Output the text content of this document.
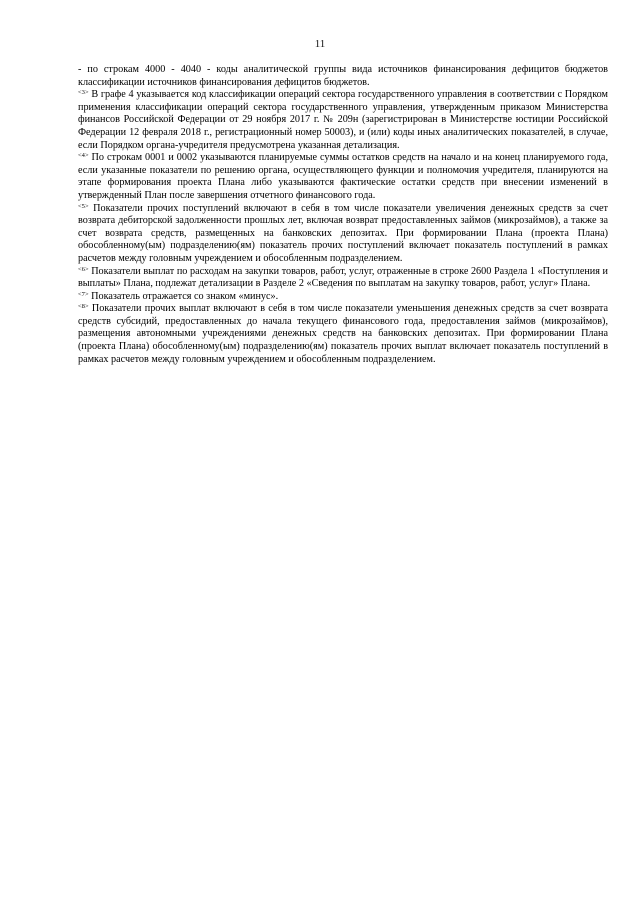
11

- по строкам 4000 - 4040 - коды аналитической группы вида источников финансирования дефицитов бюджетов классификации источников финансирования дефицитов бюджетов.

$^{<3>}$ В графе 4 указывается код классификации операций сектора государственного управления в соответствии с Порядком применения классификации операций сектора государственного управления, утвержденным приказом Министерства финансов Российской Федерации от 29 ноября 2017 г. № 209н (зарегистрирован в Министерстве юстиции Российской Федерации 12 февраля 2018 г., регистрационный номер 50003), и (или) коды иных аналитических показателей, в случае, если Порядком органа-учредителя предусмотрена указанная детализация.

$^{<4>}$ По строкам 0001 и 0002 указываются планируемые суммы остатков средств на начало и на конец планируемого года, если указанные показатели по решению органа, осуществляющего функции и полномочия учредителя, планируются на этапе формирования проекта Плана либо указываются фактические остатки средств при внесении изменений в утвержденный План после завершения отчетного финансового года.

$^{<5>}$ Показатели прочих поступлений включают в себя в том числе показатели увеличения денежных средств за счет возврата дебиторской задолженности прошлых лет, включая возврат предоставленных займов (микрозаймов), а также за счет возврата средств, размещенных на банковских депозитах. При формировании Плана (проекта Плана) обособленному(ым) подразделению(ям) показатель прочих поступлений включает показатель поступлений в рамках расчетов между головным учреждением и обособленным подразделением.

$^{<6>}$ Показатели выплат по расходам на закупки товаров, работ, услуг, отраженные в строке 2600 Раздела 1 «Поступления и выплаты» Плана, подлежат детализации в Разделе 2 «Сведения по выплатам на закупку товаров, работ, услуг» Плана.

$^{<7>}$ Показатель отражается со знаком «минус».

$^{<8>}$ Показатели прочих выплат включают в себя в том числе показатели уменьшения денежных средств за счет возврата средств субсидий, предоставленных до начала текущего финансового года, предоставления займов (микрозаймов), размещения автономными учреждениями денежных средств на банковских депозитах. При формировании Плана (проекта Плана) обособленному(ым) подразделению(ям) показатель прочих выплат включает показатель поступлений в рамках расчетов между головным учреждением и обособленным подразделением.
